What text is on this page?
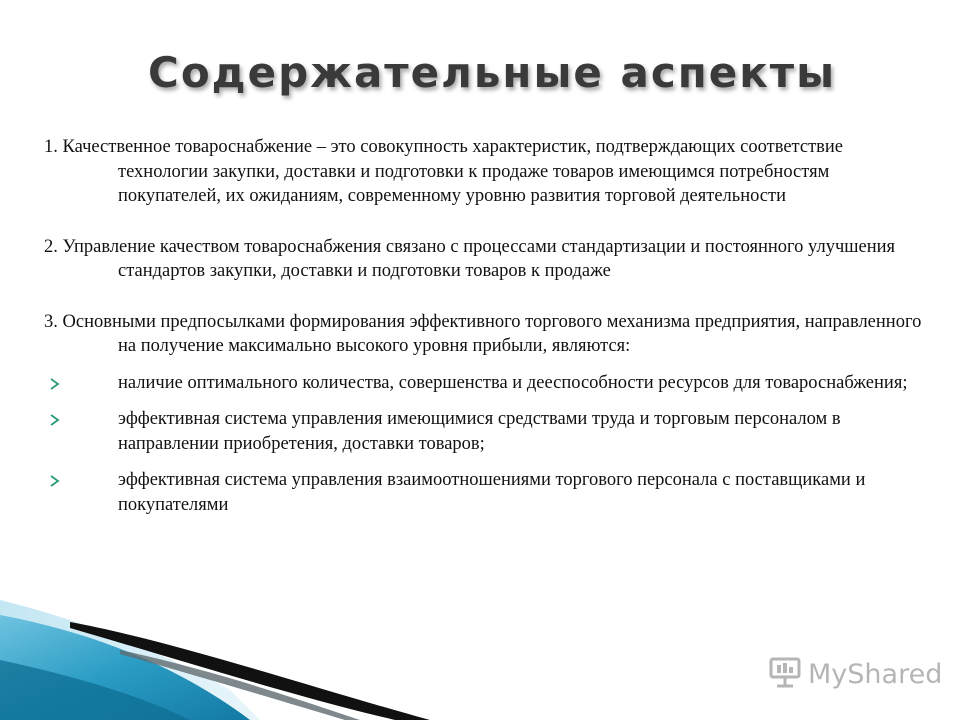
Содержательные аспекты

1. Качественное товароснабжение – это совокупность характеристик, подтверждающих соответствие технологии закупки, доставки и подготовки к продаже товаров имеющимся потребностям покупателей, их ожиданиям, современному уровню развития торговой деятельности

2. Управление качеством товароснабжения связано с процессами стандартизации и постоянного улучшения стандартов закупки, доставки и подготовки товаров к продаже

3. Основными предпосылками формирования эффективного торгового механизма предприятия, направленного на получение максимально высокого уровня прибыли, являются:

наличие оптимального количества, совершенства и дееспособности ресурсов для товароснабжения;
эффективная система управления имеющимися средствами труда и торговым персоналом в направлении приобретения, доставки товаров;
эффективная система управления взаимоотношениями торгового персонала с поставщиками и покупателями
MyShared
